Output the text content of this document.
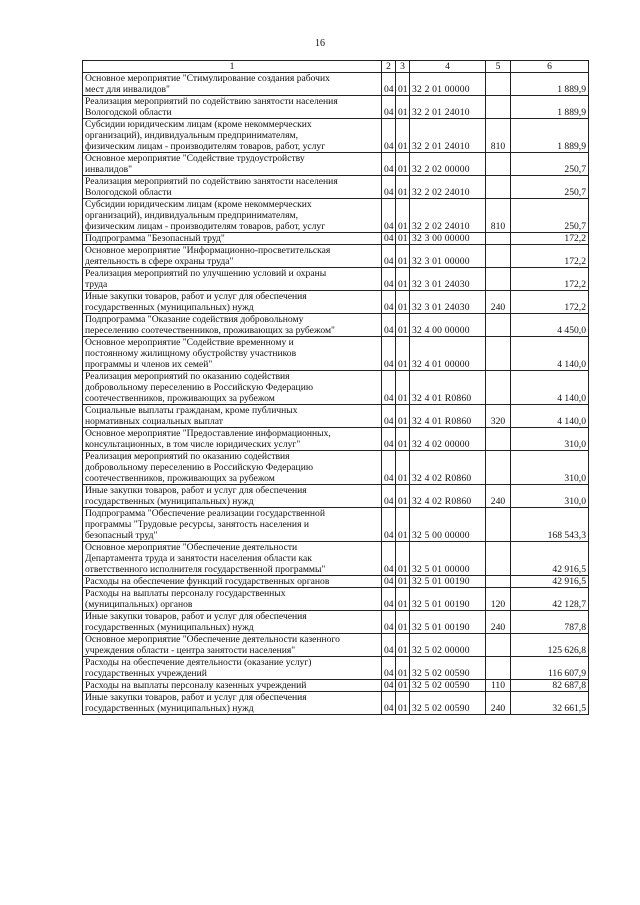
16
1	2	3	4	5	6
Основное мероприятие "Стимулирование создания рабочих
мест для инвалидов"	04	01	32 2 01 00000		1 889,9
Реализация мероприятий по содействию занятости населения
Вологодской области	04	01	32 2 01 24010		1 889,9
Субсидии юридическим лицам (кроме некоммерческих
организаций), индивидуальным предпринимателям,
физическим лицам - производителям товаров, работ, услуг	04	01	32 2 01 24010	810	1 889,9
Основное мероприятие "Содействие трудоустройству
инвалидов"	04	01	32 2 02 00000		250,7
Реализация мероприятий по содействию занятости населения
Вологодской области	04	01	32 2 02 24010		250,7
Субсидии юридическим лицам (кроме некоммерческих
организаций), индивидуальным предпринимателям,
физическим лицам - производителям товаров, работ, услуг	04	01	32 2 02 24010	810	250,7
Подпрограмма "Безопасный труд"	04	01	32 3 00 00000		172,2
Основное мероприятие "Информационно-просветительская
деятельность в сфере охраны труда"	04	01	32 3 01 00000		172,2
Реализация мероприятий по улучшению условий и охраны
труда	04	01	32 3 01 24030		172,2
Иные закупки товаров, работ и услуг для обеспечения
государственных (муниципальных) нужд	04	01	32 3 01 24030	240	172,2
Подпрограмма "Оказание содействия добровольному
переселению соотечественников, проживающих за рубежом"	04	01	32 4 00 00000		4 450,0
Основное мероприятие "Содействие временному и
постоянному жилищному обустройству участников
программы и членов их семей"	04	01	32 4 01 00000		4 140,0
Реализация мероприятий по оказанию содействия
добровольному переселению в Российскую Федерацию
соотечественников, проживающих за рубежом	04	01	32 4 01 R0860		4 140,0
Социальные выплаты гражданам, кроме публичных
нормативных социальных выплат	04	01	32 4 01 R0860	320	4 140,0
Основное мероприятие "Предоставление информационных,
консультационных, в том числе юридических услуг"	04	01	32 4 02 00000		310,0
Реализация мероприятий по оказанию содействия
добровольному переселению в Российскую Федерацию
соотечественников, проживающих за рубежом	04	01	32 4 02 R0860		310,0
Иные закупки товаров, работ и услуг для обеспечения
государственных (муниципальных) нужд	04	01	32 4 02 R0860	240	310,0
Подпрограмма "Обеспечение реализации государственной
программы "Трудовые ресурсы, занятость населения и
безопасный труд"	04	01	32 5 00 00000		168 543,3
Основное мероприятие "Обеспечение деятельности
Департамента труда и занятости населения области как
ответственного исполнителя государственной программы"	04	01	32 5 01 00000		42 916,5
Расходы на обеспечение функций государственных органов	04	01	32 5 01 00190		42 916,5
Расходы на выплаты персоналу государственных
(муниципальных) органов	04	01	32 5 01 00190	120	42 128,7
Иные закупки товаров, работ и услуг для обеспечения
государственных (муниципальных) нужд	04	01	32 5 01 00190	240	787,8
Основное мероприятие "Обеспечение деятельности казенного
учреждения области - центра занятости населения"	04	01	32 5 02 00000		125 626,8
Расходы на обеспечение деятельности (оказание услуг)
государственных учреждений	04	01	32 5 02 00590		116 607,9
Расходы на выплаты персоналу казенных учреждений	04	01	32 5 02 00590	110	82 687,8
Иные закупки товаров, работ и услуг для обеспечения
государственных (муниципальных) нужд	04	01	32 5 02 00590	240	32 661,5
